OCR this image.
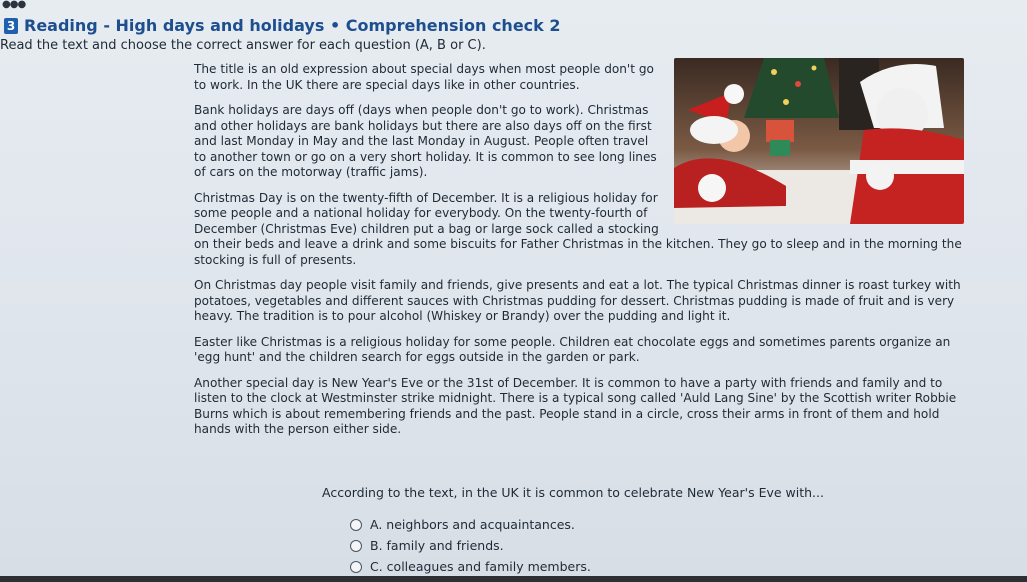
●●●
3 Reading - High days and holidays • Comprehension check 2
Read the text and choose the correct answer for each question (A, B or C).

The title is an old expression about special days when most people don't go to work. In the UK there are special days like in other countries.

Bank holidays are days off (days when people don't go to work). Christmas and other holidays are bank holidays but there are also days off on the first and last Monday in May and the last Monday in August. People often travel to another town or go on a very short holiday. It is common to see long lines of cars on the motorway (traffic jams).

Christmas Day is on the twenty-fifth of December. It is a religious holiday for some people and a national holiday for everybody. On the twenty-fourth of December (Christmas Eve) children put a bag or large sock called a stocking on their beds and leave a drink and some biscuits for Father Christmas in the kitchen. They go to sleep and in the morning the stocking is full of presents.

On Christmas day people visit family and friends, give presents and eat a lot. The typical Christmas dinner is roast turkey with potatoes, vegetables and different sauces with Christmas pudding for dessert. Christmas pudding is made of fruit and is very heavy. The tradition is to pour alcohol (Whiskey or Brandy) over the pudding and light it.

Easter like Christmas is a religious holiday for some people. Children eat chocolate eggs and sometimes parents organize an 'egg hunt' and the children search for eggs outside in the garden or park.

Another special day is New Year's Eve or the 31st of December. It is common to have a party with friends and family and to listen to the clock at Westminster strike midnight. There is a typical song called 'Auld Lang Sine' by the Scottish writer Robbie Burns which is about remembering friends and the past. People stand in a circle, cross their arms in front of them and hold hands with the person either side.

According to the text, in the UK it is common to celebrate New Year's Eve with...
A. neighbors and acquaintances.
B. family and friends.
C. colleagues and family members.
